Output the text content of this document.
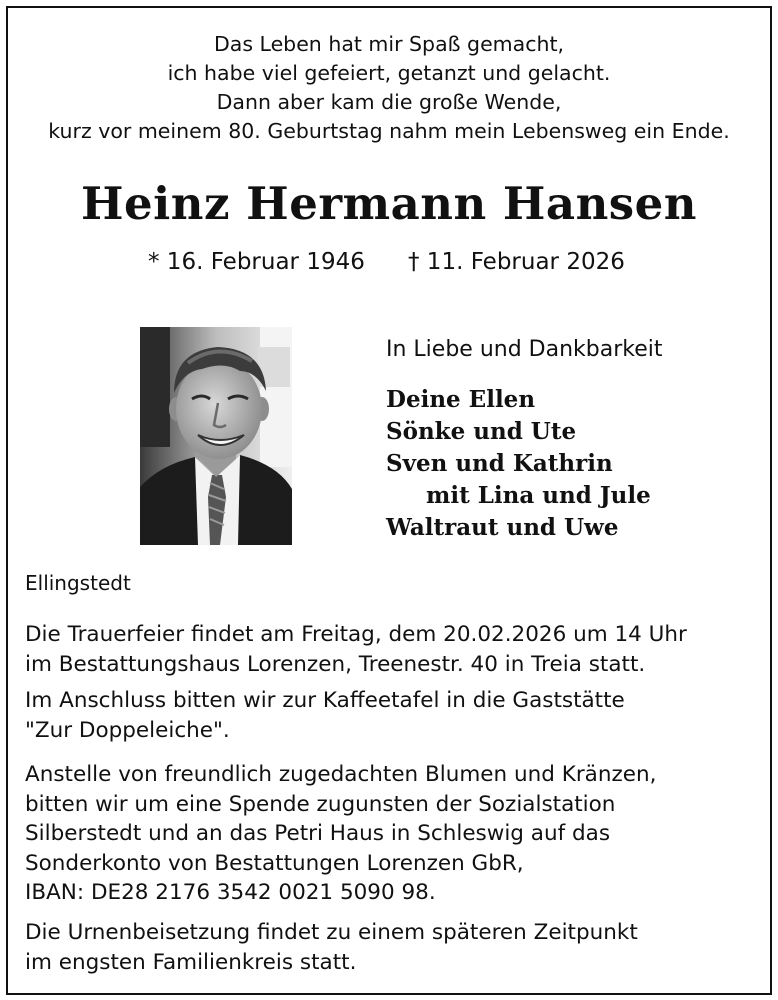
Das Leben hat mir Spaß gemacht,
ich habe viel gefeiert, getanzt und gelacht.
Dann aber kam die große Wende,
kurz vor meinem 80. Geburtstag nahm mein Lebensweg ein Ende.
Heinz Hermann Hansen
* 16. Februar 1946 † 11. Februar 2026
In Liebe und Dankbarkeit
Deine Ellen
Sönke und Ute
Sven und Kathrin
mit Lina und Jule
Waltraut und Uwe
Ellingstedt
Die Trauerfeier findet am Freitag, dem 20.02.2026 um 14 Uhr
im Bestattungshaus Lorenzen, Treenestr. 40 in Treia statt.
Im Anschluss bitten wir zur Kaffeetafel in die Gaststätte
"Zur Doppeleiche".
Anstelle von freundlich zugedachten Blumen und Kränzen,
bitten wir um eine Spende zugunsten der Sozialstation
Silberstedt und an das Petri Haus in Schleswig auf das
Sonderkonto von Bestattungen Lorenzen GbR,
IBAN: DE28 2176 3542 0021 5090 98.
Die Urnenbeisetzung findet zu einem späteren Zeitpunkt
im engsten Familienkreis statt.
